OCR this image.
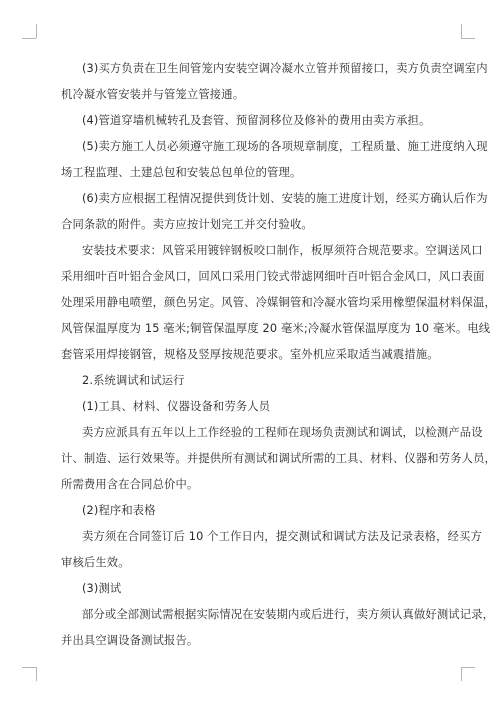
(3)买方负责在卫生间管笼内安装空调冷凝水立管并预留接口，卖方负责空调室内
机冷凝水管安装并与管笼立管接通。
(4)管道穿墙机械转孔及套管、预留洞移位及修补的费用由卖方承担。
(5)卖方施工人员必须遵守施工现场的各项规章制度，工程质量、施工进度纳入现
场工程监理、土建总包和安装总包单位的管理。
(6)卖方应根据工程情况提供到货计划、安装的施工进度计划，经买方确认后作为
合同条款的附件。卖方应按计划完工并交付验收。
安装技术要求：风管采用镀锌钢板咬口制作，板厚须符合规范要求。空调送风口
采用细叶百叶铝合金风口，回风口采用门铰式带滤网细叶百叶铝合金风口，风口表面
处理采用静电喷塑，颜色另定。风管、冷媒铜管和冷凝水管均采用橡塑保温材料保温，
风管保温厚度为 15 毫米;铜管保温厚度 20 毫米;冷凝水管保温厚度为 10 毫米。电线
套管采用焊接钢管，规格及竖厚按规范要求。室外机应采取适当减震措施。
2.系统调试和试运行
(1)工具、材料、仪器设备和劳务人员
卖方应派具有五年以上工作经验的工程师在现场负责测试和调试，以检测产品设
计、制造、运行效果等。并提供所有测试和调试所需的工具、材料、仪器和劳务人员，
所需费用含在合同总价中。
(2)程序和表格
卖方须在合同签订后 10 个工作日内，提交测试和调试方法及记录表格，经买方
审核后生效。
(3)测试
部分或全部测试需根据实际情况在安装期内或后进行，卖方须认真做好测试记录，
并出具空调设备测试报告。
